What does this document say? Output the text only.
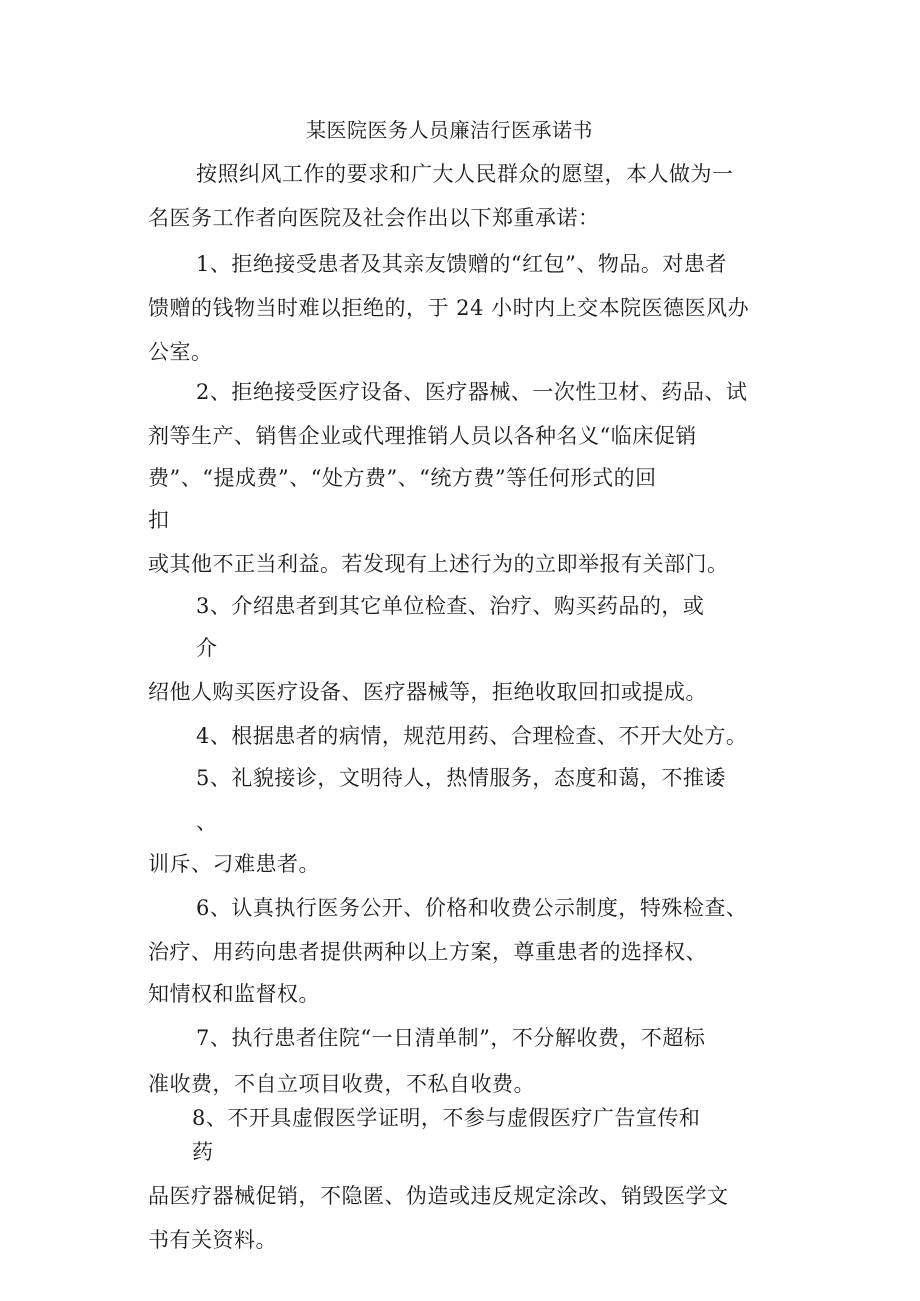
某医院医务人员廉洁行医承诺书
按照纠风工作的要求和广大人民群众的愿望，本人做为一
名医务工作者向医院及社会作出以下郑重承诺：
1、拒绝接受患者及其亲友馈赠的“红包”、物品。对患者
馈赠的钱物当时难以拒绝的，于 24 小时内上交本院医德医风办
公室。
2、拒绝接受医疗设备、医疗器械、一次性卫材、药品、试
剂等生产、销售企业或代理推销人员以各种名义“临床促销
费”、“提成费”、“处方费”、“统方费”等任何形式的回
扣
或其他不正当利益。若发现有上述行为的立即举报有关部门。
3、介绍患者到其它单位检查、治疗、购买药品的，或
介
绍他人购买医疗设备、医疗器械等，拒绝收取回扣或提成。
4、根据患者的病情，规范用药、合理检查、不开大处方。
5、礼貌接诊，文明待人，热情服务，态度和蔼，不推诿
、
训斥、刁难患者。
6、认真执行医务公开、价格和收费公示制度，特殊检查、
治疗、用药向患者提供两种以上方案，尊重患者的选择权、
知情权和监督权。
7、执行患者住院“一日清单制”，不分解收费，不超标
准收费，不自立项目收费，不私自收费。
8、不开具虚假医学证明，不参与虚假医疗广告宣传和
药
品医疗器械促销，不隐匿、伪造或违反规定涂改、销毁医学文
书有关资料。
